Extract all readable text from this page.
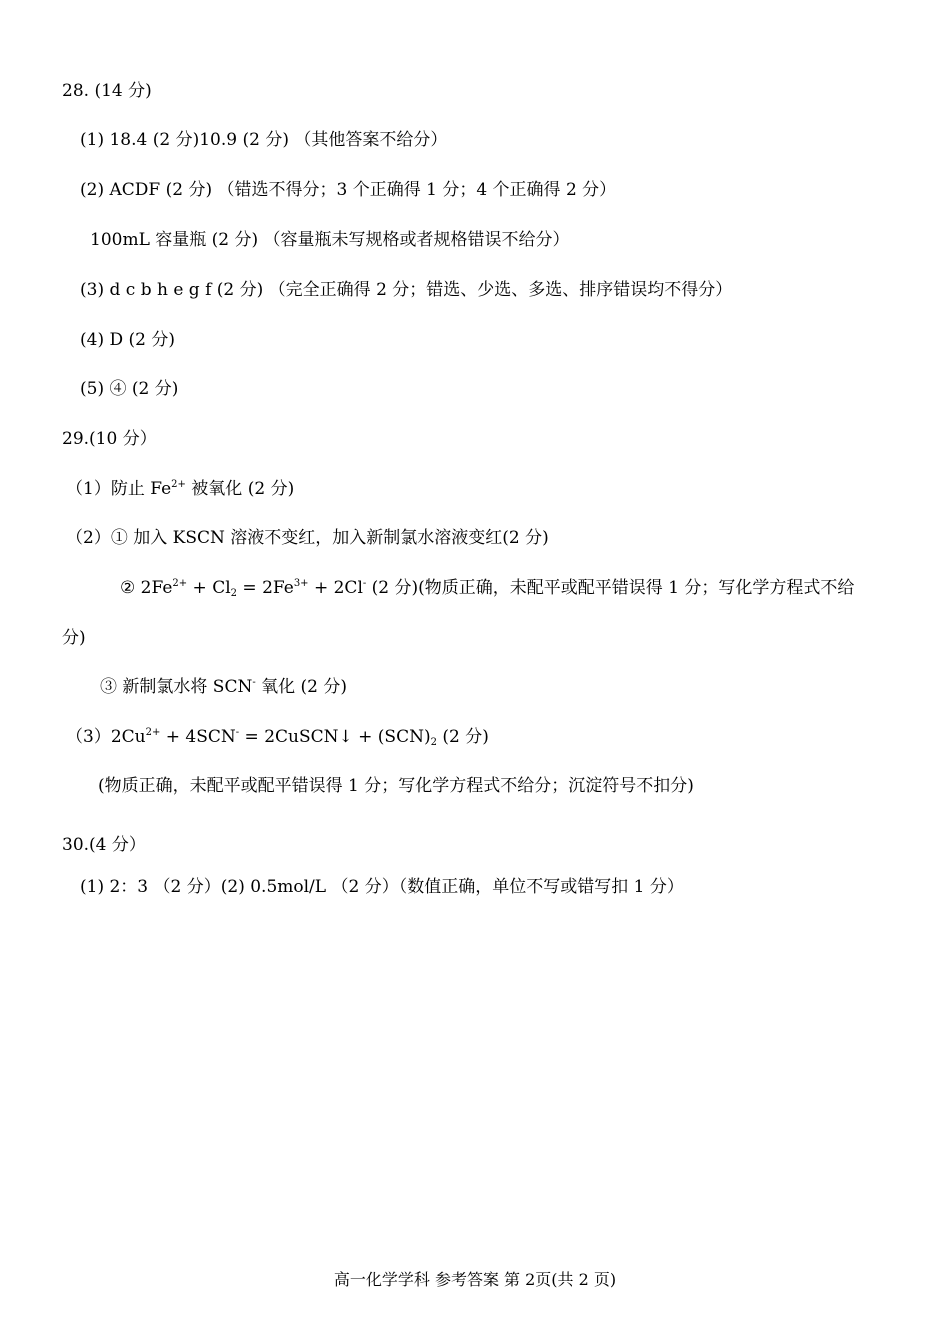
28. (14 分)
(1) 18.4 (2 分)10.9 (2 分) （其他答案不给分）
(2) ACDF (2 分) （错选不得分；3 个正确得 1 分；4 个正确得 2 分）
100mL 容量瓶 (2 分) （容量瓶未写规格或者规格错误不给分）
(3) d c b h e g f (2 分) （完全正确得 2 分；错选、少选、多选、排序错误均不得分）
(4) D (2 分)
(5) ④ (2 分)
29.(10 分）
（1）防止 $Fe^{2+}$ 被氧化 (2 分)
（2）① 加入 KSCN 溶液不变红，加入新制氯水溶液变红(2 分)
② $2Fe^{2+} + Cl_2 = 2Fe^{3+} + 2Cl^-$ (2 分)(物质正确，未配平或配平错误得 1 分；写化学方程式不给
分)
③ 新制氯水将 SCN- 氧化 (2 分)
$(3)2Cu^{2+} + 4SCN^-$ = 2CuSCN↓ + $(SCN)_2$ (2 分)
(物质正确，未配平或配平错误得 1 分；写化学方程式不给分；沉淀符号不扣分)
30.(4 分）
(1) 2：3 （2 分）(2) 0.5mol/L （2 分）（数值正确，单位不写或错写扣 1 分）
高一化学学科 参考答案 第 2页(共 2 页)
